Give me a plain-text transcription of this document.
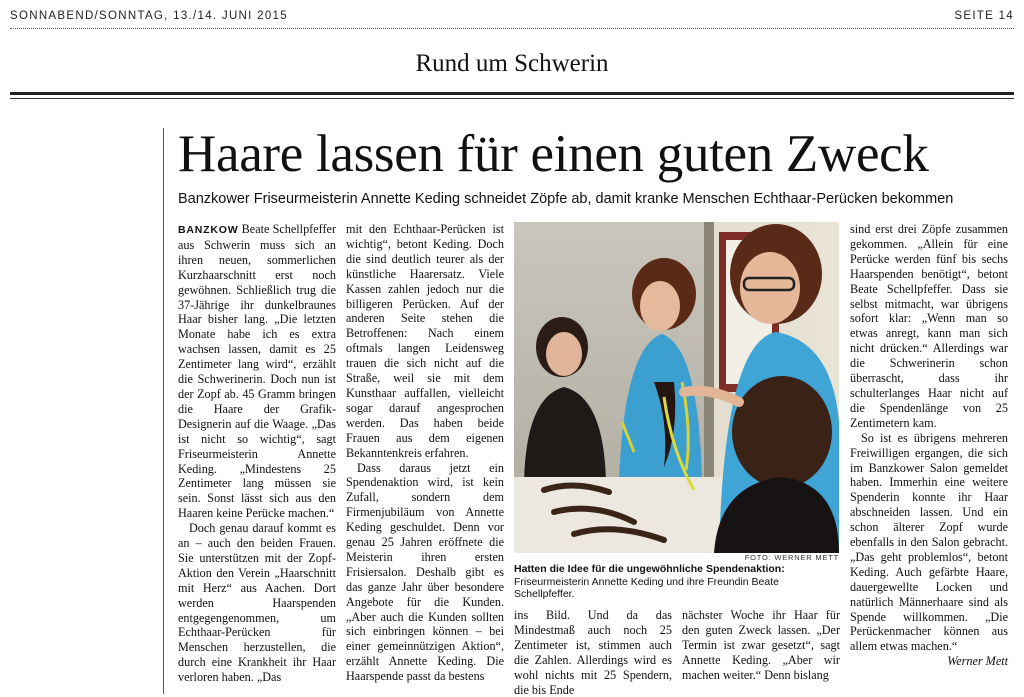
SONNABEND/SONNTAG, 13./14. JUNI 2015	SEITE 14
Rund um Schwerin
Haare lassen für einen guten Zweck
Banzkower Friseurmeisterin Annette Keding schneidet Zöpfe ab, damit kranke Menschen Echthaar-Perücken bekommen

BANZKOW Beate Schellpfeffer aus Schwerin muss sich an ihren neuen, sommerlichen Kurzhaarschnitt erst noch gewöhnen. Schließlich trug die 37-Jährige ihr dunkelbraunes Haar bisher lang. „Die letzten Monate habe ich es extra wachsen lassen, damit es 25 Zentimeter lang wird“, erzählt die Schwerinerin. Doch nun ist der Zopf ab. 45 Gramm bringen die Haare der Grafik-Designerin auf die Waage. „Das ist nicht so wichtig“, sagt Friseurmeisterin Annette Keding. „Mindestens 25 Zentimeter lang müssen sie sein. Sonst lässt sich aus den Haaren keine Perücke machen.“

Doch genau darauf kommt es an – auch den beiden Frauen. Sie unterstützen mit der Zopf-Aktion den Verein „Haarschnitt mit Herz“ aus Aachen. Dort werden Haarspenden entgegengenommen, um Echthaar-Perücken für Menschen herzustellen, die durch eine Krankheit ihr Haar verloren haben. „Das

mit den Echthaar-Perücken ist wichtig“, betont Keding. Doch die sind deutlich teurer als der künstliche Haarersatz. Viele Kassen zahlen jedoch nur die billigeren Perücken. Auf der anderen Seite stehen die Betroffenen: Nach einem oftmals langen Leidensweg trauen die sich nicht auf die Straße, weil sie mit dem Kunsthaar auffallen, vielleicht sogar darauf angesprochen werden. Das haben beide Frauen aus dem eigenen Bekanntenkreis erfahren.

Dass daraus jetzt ein Spendenaktion wird, ist kein Zufall, sondern dem Firmenjubiläum von Annette Keding geschuldet. Denn vor genau 25 Jahren eröffnete die Meisterin ihren ersten Frisiersalon. Deshalb gibt es das ganze Jahr über besondere Angebote für die Kunden. „Aber auch die Kunden sollten sich einbringen können – bei einer gemeinnützigen Aktion“, erzählt Annette Keding. Die Haarspende passt da bestens

FOTO: WERNER METT
Hatten die Idee für die ungewöhnliche Spendenaktion: Friseurmeisterin Annette Keding und ihre Freundin Beate Schellpfeffer.

ins Bild. Und da das Mindestmaß auch noch 25 Zentimeter ist, stimmen auch die Zahlen. Allerdings wird es wohl nichts mit 25 Spendern, die bis Ende

nächster Woche ihr Haar für den guten Zweck lassen. „Der Termin ist zwar gesetzt“, sagt Annette Keding. „Aber wir machen weiter.“ Denn bislang

sind erst drei Zöpfe zusammen gekommen. „Allein für eine Perücke werden fünf bis sechs Haarspenden benötigt“, betont Beate Schellpfeffer. Dass sie selbst mitmacht, war übrigens sofort klar: „Wenn man so etwas anregt, kann man sich nicht drücken.“ Allerdings war die Schwerinerin schon überrascht, dass ihr schulterlanges Haar nicht auf die Spendenlänge von 25 Zentimetern kam.

So ist es übrigens mehreren Freiwilligen ergangen, die sich im Banzkower Salon gemeldet haben. Immerhin eine weitere Spenderin konnte ihr Haar abschneiden lassen. Und ein schon älterer Zopf wurde ebenfalls in den Salon gebracht. „Das geht problemlos“, betont Keding. Auch gefärbte Haare, dauergewellte Locken und natürlich Männerhaare sind als Spende willkommen. „Die Perückenmacher können aus allem etwas machen.“
Werner Mett
